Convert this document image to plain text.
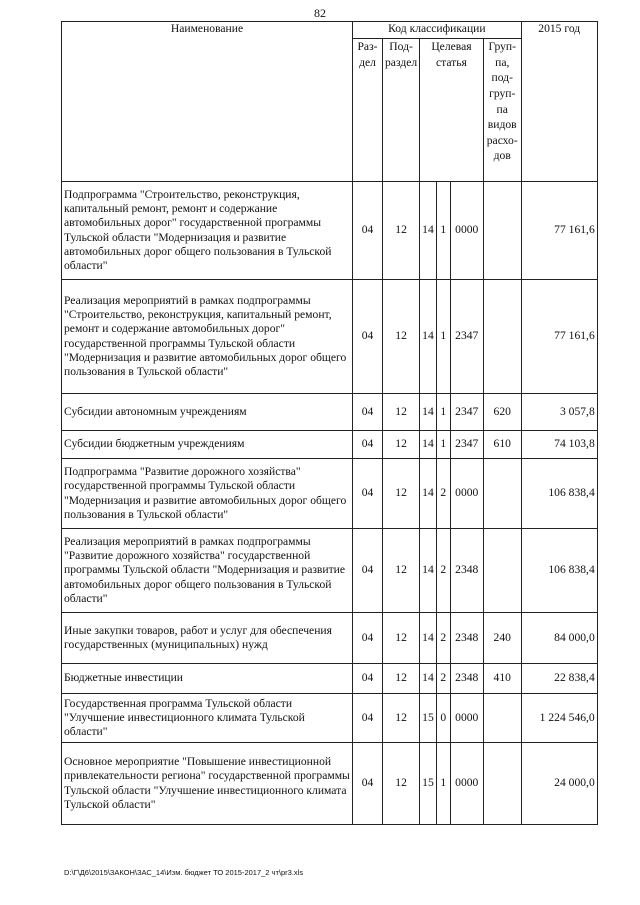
82
Наименование	Код классификации						2015 год
	Раз-дел	Под-раздел	Целевая статья			Груп-па, под-груп-па видов расхо-дов	
Подпрограмма "Строительство, реконструкция, капитальный ремонт, ремонт и содержание автомобильных дорог" государственной программы Тульской области "Модернизация и развитие автомобильных дорог общего пользования в Тульской области"	04	12	14	1	0000		77 161,6
Реализация мероприятий в рамках подпрограммы "Строительство, реконструкция, капитальный ремонт, ремонт и содержание автомобильных дорог" государственной программы Тульской области "Модернизация и развитие автомобильных дорог общего пользования в Тульской области"	04	12	14	1	2347		77 161,6
Субсидии автономным учреждениям	04	12	14	1	2347	620	3 057,8
Субсидии бюджетным учреждениям	04	12	14	1	2347	610	74 103,8
Подпрограмма "Развитие дорожного хозяйства" государственной программы Тульской области "Модернизация и развитие автомобильных дорог общего пользования в Тульской области"	04	12	14	2	0000		106 838,4
Реализация мероприятий в рамках подпрограммы "Развитие дорожного хозяйства" государственной программы Тульской области "Модернизация и развитие автомобильных дорог общего пользования в Тульской области"	04	12	14	2	2348		106 838,4
Иные закупки товаров, работ и услуг для обеспечения государственных (муниципальных) нужд	04	12	14	2	2348	240	84 000,0
Бюджетные инвестиции	04	12	14	2	2348	410	22 838,4
Государственная программа Тульской области "Улучшение инвестиционного климата Тульской области"	04	12	15	0	0000		1 224 546,0
Основное мероприятие "Повышение инвестиционной привлекательности региона" государственной программы Тульской области "Улучшение инвестиционного климата Тульской области"	04	12	15	1	0000		24 000,0
D:\Г\Д6\2015\ЗАКОН\ЗАС_14\Изм. бюджет ТО 2015-2017_2 чт\pr3.xls
